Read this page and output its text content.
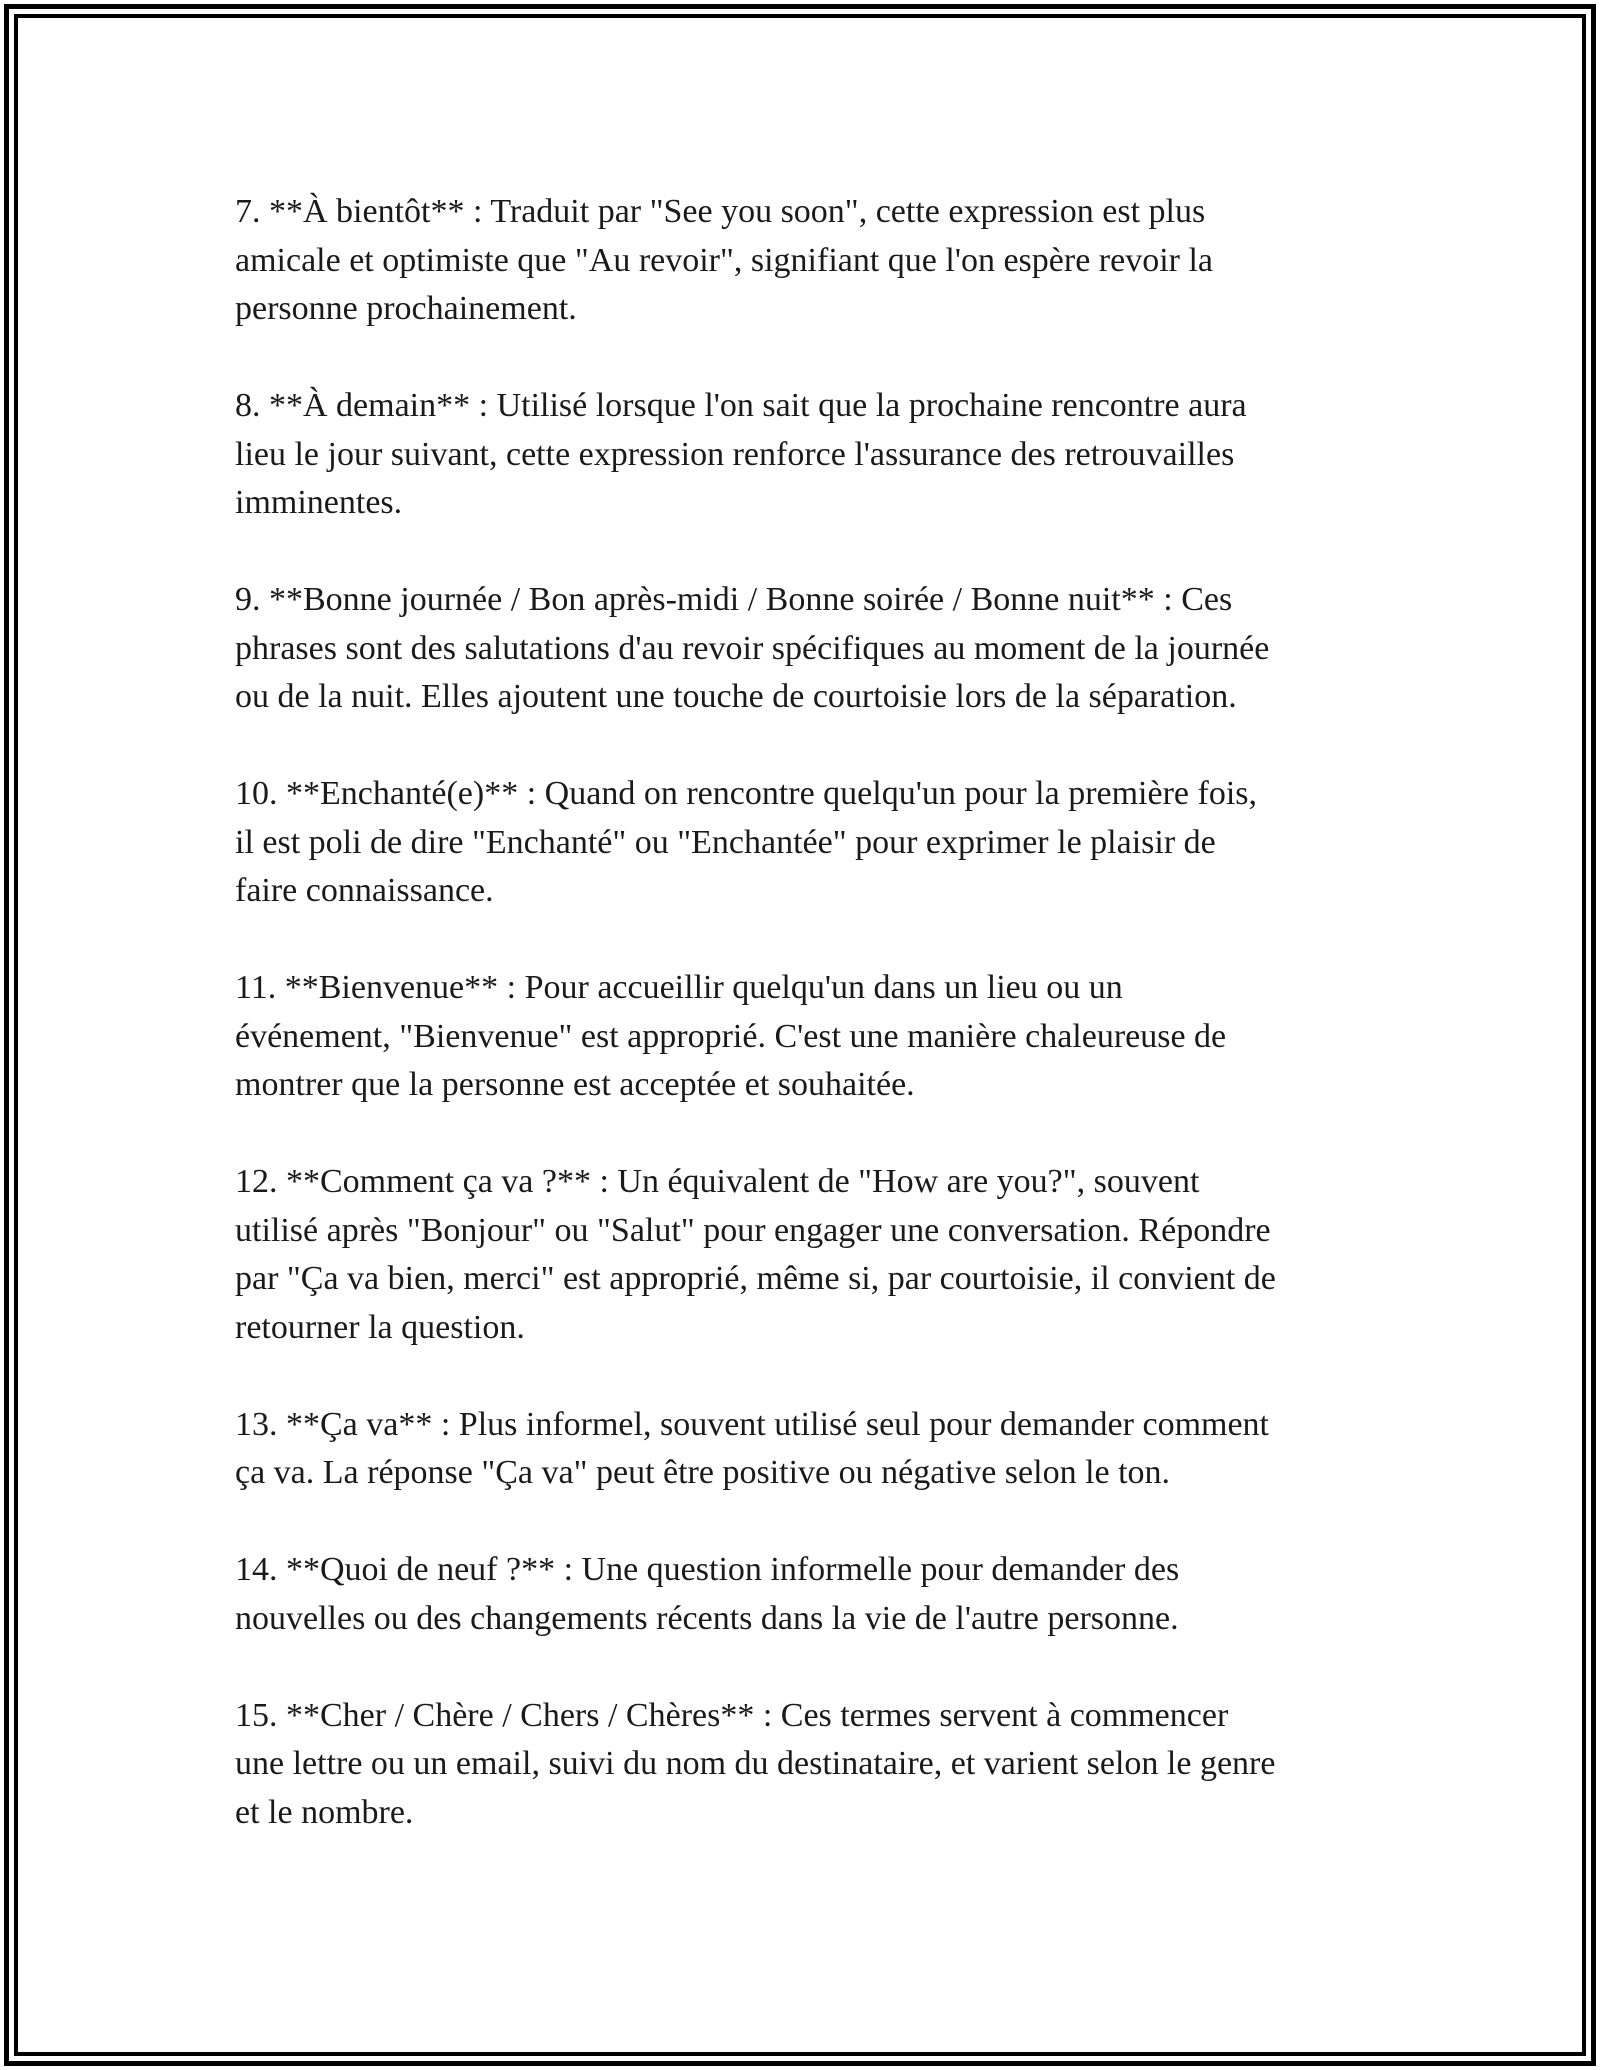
7. **À bientôt** : Traduit par "See you soon", cette expression est plus
amicale et optimiste que "Au revoir", signifiant que l'on espère revoir la
personne prochainement.

8. **À demain** : Utilisé lorsque l'on sait que la prochaine rencontre aura
lieu le jour suivant, cette expression renforce l'assurance des retrouvailles
imminentes.

9. **Bonne journée / Bon après-midi / Bonne soirée / Bonne nuit** : Ces
phrases sont des salutations d'au revoir spécifiques au moment de la journée
ou de la nuit. Elles ajoutent une touche de courtoisie lors de la séparation.

10. **Enchanté(e)** : Quand on rencontre quelqu'un pour la première fois,
il est poli de dire "Enchanté" ou "Enchantée" pour exprimer le plaisir de
faire connaissance.

11. **Bienvenue** : Pour accueillir quelqu'un dans un lieu ou un
événement, "Bienvenue" est approprié. C'est une manière chaleureuse de
montrer que la personne est acceptée et souhaitée.

12. **Comment ça va ?** : Un équivalent de "How are you?", souvent
utilisé après "Bonjour" ou "Salut" pour engager une conversation. Répondre
par "Ça va bien, merci" est approprié, même si, par courtoisie, il convient de
retourner la question.

13. **Ça va** : Plus informel, souvent utilisé seul pour demander comment
ça va. La réponse "Ça va" peut être positive ou négative selon le ton.

14. **Quoi de neuf ?** : Une question informelle pour demander des
nouvelles ou des changements récents dans la vie de l'autre personne.

15. **Cher / Chère / Chers / Chères** : Ces termes servent à commencer
une lettre ou un email, suivi du nom du destinataire, et varient selon le genre
et le nombre.
